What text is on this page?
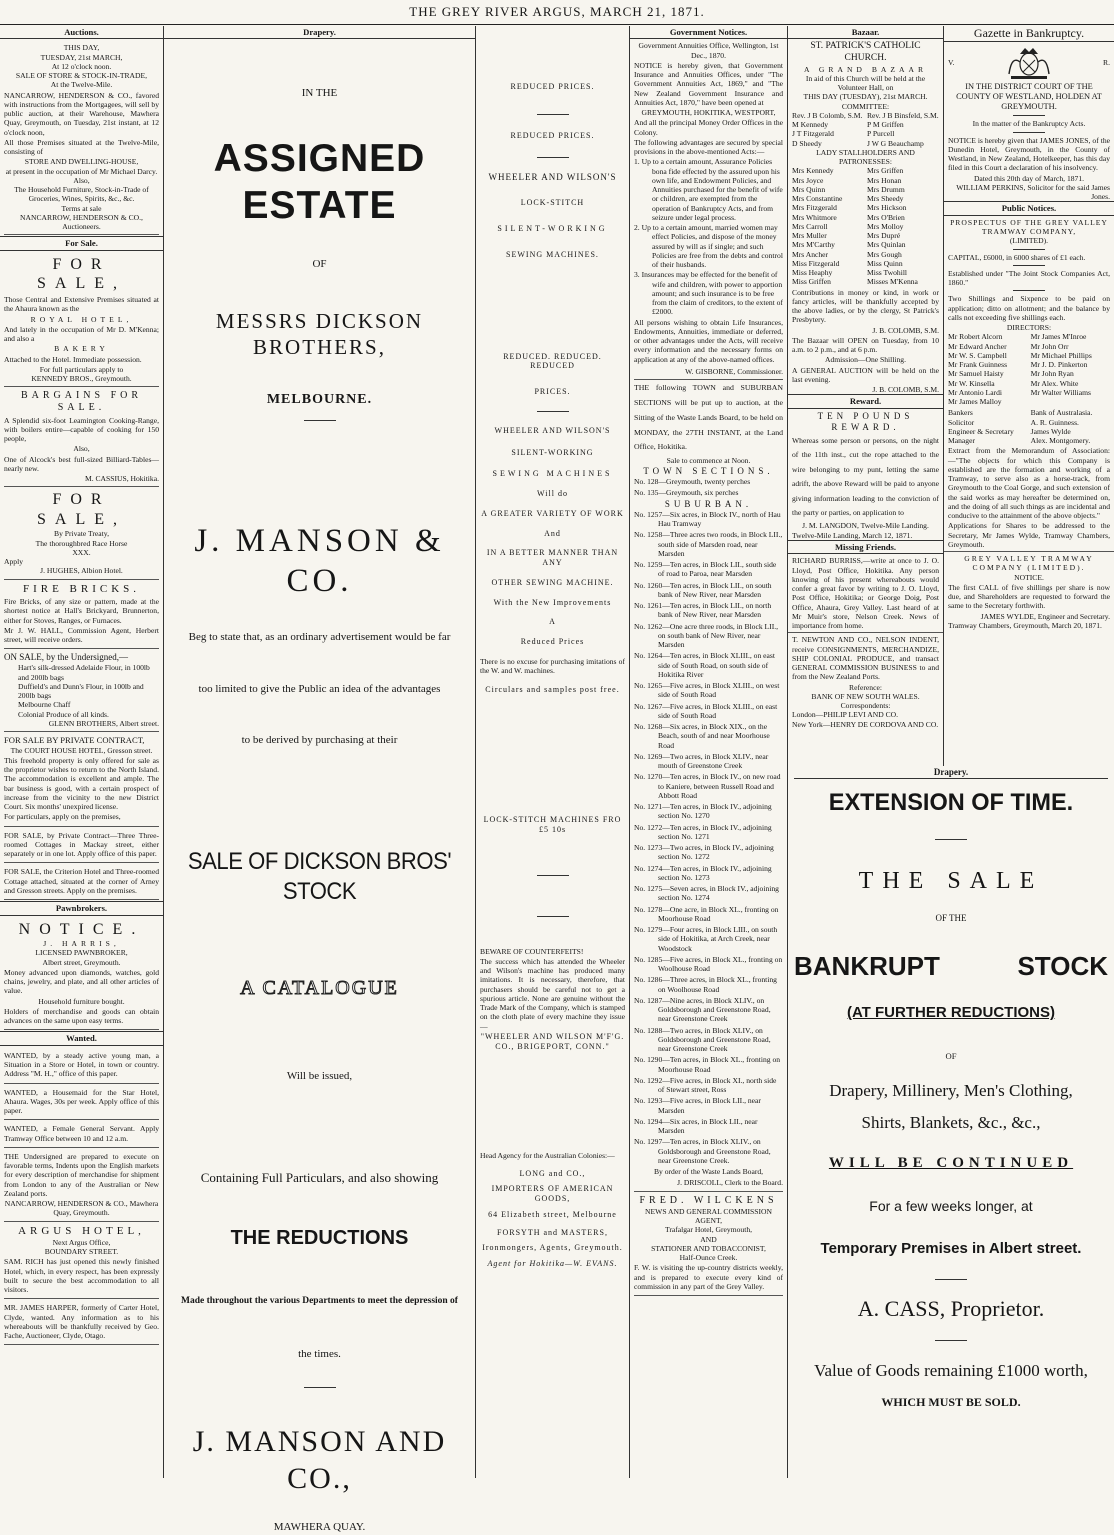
THE GREY RIVER ARGUS, MARCH 21, 1871.
Auctions.
THIS DAY,
TUESDAY, 21st MARCH,
At 12 o'clock noon.
SALE OF STORE & STOCK-IN-TRADE,
At the Twelve-Mile.

NANCARROW, HENDERSON & CO., favored with instructions from the Mortgagees, will sell by public auction, at their Warehouse, Mawhera Quay, Greymouth, on Tuesday, 21st instant, at 12 o'clock noon,

All those Premises situated at the Twelve-Mile, consisting of

STORE AND DWELLING-HOUSE,
at present in the occupation of Mr Michael Darcy.
Also,
The Household Furniture, Stock-in-Trade of Groceries, Wines, Spirits, &c., &c.
Terms at sale
NANCARROW, HENDERSON & CO., Auctioneers.
For Sale.
FOR SALE,

Those Central and Extensive Premises situated at the Ahaura known as the

ROYAL HOTEL,

And lately in the occupation of Mr D. M'Kenna; and also a

BAKERY

Attached to the Hotel. Immediate possession.

For full particulars apply to
KENNEDY BROS., Greymouth.
BARGAINS FOR SALE.

A Splendid six-foot Leamington Cooking-Range, with boilers entire—capable of cooking for 150 people,

Also,

One of Alcock's best full-sized Billiard-Tables—nearly new.

M. CASSIUS, Hokitika.
FOR SALE,
By Private Treaty,
The thoroughbred Race Horse
XXX.
Apply
J. HUGHES, Albion Hotel.
FIRE BRICKS.

Fire Bricks, of any size or pattern, made at the shortest notice at Hall's Brickyard, Brunnerton, either for Stoves, Ranges, or Furnaces.

Mr J. W. HALL, Commission Agent, Herbert street, will receive orders.

ON SALE, by the Undersigned,—
Hart's silk-dressed Adelaide Flour, in 100lb and 200lb bags
Duffield's and Dunn's Flour, in 100lb and 200lb bags
Melbourne Chaff
Colonial Produce of all kinds.
GLENN BROTHERS, Albert street.
FOR SALE BY PRIVATE CONTRACT,
The COURT HOUSE HOTEL, Gresson street.

This freehold property is only offered for sale as the proprietor wishes to return to the North Island. The accommodation is excellent and ample. The bar business is good, with a certain prospect of increase from the vicinity to the new District Court. Six months' unexpired license.

For particulars, apply on the premises,

FOR SALE, by Private Contract—Three Three-roomed Cottages in Mackay street, either separately or in one lot. Apply office of this paper.

FOR SALE, the Criterion Hotel and Three-roomed Cottage attached, situated at the corner of Arney and Gresson streets. Apply on the premises.

Pawnbrokers.
NOTICE.
J. HARRIS,
LICENSED PAWNBROKER,
Albert street, Greymouth.

Money advanced upon diamonds, watches, gold chains, jewelry, and plate, and all other articles of value.

Household furniture bought.

Holders of merchandise and goods can obtain advances on the same upon easy terms.

Wanted.

WANTED, by a steady active young man, a Situation in a Store or Hotel, in town or country. Address "M. H.," office of this paper.

WANTED, a Housemaid for the Star Hotel, Ahaura. Wages, 30s per week. Apply office of this paper.

WANTED, a Female General Servant. Apply Tramway Office between 10 and 12 a.m.

THE Undersigned are prepared to execute on favorable terms, Indents upon the English markets for every description of merchandise for shipment from London to any of the Australian or New Zealand ports.

NANCARROW, HENDERSON & CO., Mawhera Quay, Greymouth.
ARGUS HOTEL,
Next Argus Office,
BOUNDARY STREET.

SAM. RICH has just opened this newly finished Hotel, which, in every respect, has been expressly built to secure the best accommodation to all visitors.

MR. JAMES HARPER, formerly of Carter Hotel, Clyde, wanted. Any information as to his whereabouts will be thankfully received by Geo. Fache, Auctioneer, Clyde, Otago.

Drapery.
IN THE
ASSIGNED ESTATE
OF
MESSRS DICKSON BROTHERS,
MELBOURNE.
J. MANSON & CO.
Beg to state that, as an ordinary advertisement would be far
too limited to give the Public an idea of the advantages
to be derived by purchasing at their
SALE OF DICKSON BROS' STOCK
A CATALOGUE
Will be issued,
Containing Full Particulars, and also showing
THE REDUCTIONS
Made throughout the various Departments to meet the depression of
the times.
J. MANSON AND CO.,
MAWHERA QUAY.
REDUCED PRICES.
REDUCED PRICES.
WHEELER AND WILSON'S
LOCK-STITCH
SILENT-WORKING
SEWING MACHINES.
REDUCED. REDUCED. REDUCED
PRICES.
WHEELER AND WILSON'S
SILENT-WORKING
SEWING MACHINES
Will do
A GREATER VARIETY OF WORK
And
IN A BETTER MANNER THAN ANY
OTHER SEWING MACHINE.
With the New Improvements
A
Reduced Prices

There is no excuse for purchasing imitations of the W. and W. machines.

Circulars and samples post free.
LOCK-STITCH MACHINES FRO £5 10s
BEWARE OF COUNTERFEITS!

The success which has attended the Wheeler and Wilson's machine has produced many imitations. It is necessary, therefore, that purchasers should be careful not to get a spurious article. None are genuine without the Trade Mark of the Company, which is stamped on the cloth plate of every machine they issue—

"WHEELER AND WILSON M'F'G. CO., BRIGEPORT, CONN."
Head Agency for the Australian Colonies:—
LONG and CO.,
IMPORTERS OF AMERICAN GOODS,
64 Elizabeth street, Melbourne
FORSYTH and MASTERS,
Ironmongers, Agents, Greymouth.
Agent for Hokitika—W. EVANS.
Government Notices.
Government Annuities Office, Wellington, 1st Dec., 1870.

NOTICE is hereby given, that Government Insurance and Annuities Offices, under "The Government Annuities Act, 1869," and "The New Zealand Government Insurance and Annuities Act, 1870," have been opened at

GREYMOUTH, HOKITIKA, WESTPORT,

And all the principal Money Order Offices in the Colony.

The following advantages are secured by special provisions in the above-mentioned Acts:—

1. Up to a certain amount, Assurance Policies bona fide effected by the assured upon his own life, and Endowment Policies, and Annuities purchased for the benefit of wife or children, are exempted from the operation of Bankruptcy Acts, and from seizure under legal process.
2. Up to a certain amount, married women may effect Policies, and dispose of the money assured by will as if single; and such Policies are free from the debts and control of their husbands.
3. Insurances may be effected for the benefit of wife and children, with power to apportion amount; and such insurance is to be free from the claim of creditors, to the extent of £2000.

All persons wishing to obtain Life Insurances, Endowments, Annuities, immediate or deferred, or other advantages under the Acts, will receive every information and the necessary forms on application at any of the above-named offices.

W. GISBORNE, Commissioner.

THE following TOWN and SUBURBAN SECTIONS will be put up to auction, at the Sitting of the Waste Lands Board, to be held on MONDAY, the 27TH INSTANT, at the Land Office, Hokitika.

Sale to commence at Noon.
TOWN SECTIONS.
No. 128—Greymouth, twenty perches
No. 135—Greymouth, six perches
SUBURBAN.
No. 1257—Six acres, in Block IV., north of Hau Hau Tramway
No. 1258—Three acres two roods, in Block LII., south side of Marsden road, near Marsden
No. 1259—Ten acres, in Block LII., south side of road to Paroa, near Marsden
No. 1260—Ten acres, in Block LII., on south bank of New River, near Marsden
No. 1261—Ten acres, in Block LII., on north bank of New River, near Marsden
No. 1262—One acre three roods, in Block LII., on south bank of New River, near Marsden
No. 1264—Ten acres, in Block XLIII., on east side of South Road, on south side of Hokitika River
No. 1265—Five acres, in Block XLIII., on west side of South Road
No. 1267—Five acres, in Block XLIII., on east side of South Road
No. 1268—Six acres, in Block XIX., on the Beach, south of and near Moorhouse Road
No. 1269—Two acres, in Block XLIV., near mouth of Greenstone Creek
No. 1270—Ten acres, in Block IV., on new road to Kaniere, between Russell Road and Abbott Road
No. 1271—Ten acres, in Block IV., adjoining section No. 1270
No. 1272—Ten acres, in Block IV., adjoining section No. 1271
No. 1273—Two acres, in Block IV., adjoining section No. 1272
No. 1274—Ten acres, in Block IV., adjoining section No. 1273
No. 1275—Seven acres, in Block IV., adjoining section No. 1274
No. 1278—One acre, in Block XL., fronting on Moorhouse Road
No. 1279—Four acres, in Block LIII., on south side of Hokitika, at Arch Creek, near Woodstock
No. 1285—Five acres, in Block XL., fronting on Woolhouse Road
No. 1286—Three acres, in Block XL., fronting on Woolhouse Road
No. 1287—Nine acres, in Block XLIV., on Goldsborough and Greenstone Road, near Greenstone Creek
No. 1288—Two acres, in Block XLIV., on Goldsborough and Greenstone Road, near Greenstone Creek
No. 1290—Ten acres, in Block XL., fronting on Moorhouse Road
No. 1292—Five acres, in Block XI., north side of Stewart street, Ross
No. 1293—Five acres, in Block LII., near Marsden
No. 1294—Six acres, in Block LII., near Marsden
No. 1297—Ten acres, in Block XLIV., on Goldsborough and Greenstone Road, near Greenstone Creek.
By order of the Waste Lands Board,
J. DRISCOLL, Clerk to the Board.
FRED. WILCKENS
NEWS AND GENERAL COMMISSION AGENT,
Trafalgar Hotel, Greymouth,
AND
STATIONER AND TOBACCONIST,
Half-Ounce Creek.

F. W. is visiting the up-country districts weekly, and is prepared to execute every kind of commission in any part of the Grey Valley.

Bazaar.
ST. PATRICK'S CATHOLIC CHURCH.
A GRAND BAZAAR
In aid of this Church will be held at the Volunteer Hall, on
THIS DAY (TUESDAY), 21st MARCH.
COMMITTEE:
Rev. J B Colomb, S.M. Rev. J B Binsfeld, S.M.
M Kennedy	P M Griffen
J T Fitzgerald	P Purcell
D Sheedy	J W G Beauchamp
LADY STALLHOLDERS AND PATRONESSES:
Mrs Kennedy	Mrs Griffen
Mrs Joyce	Mrs Honan
Mrs Quinn	Mrs Drumm
Mrs Constantine	Mrs Sheedy
Mrs Fitzgerald	Mrs Hickson
Mrs Whitmore	Mrs O'Brien
Mrs Carroll	Mrs Molloy
Mrs Muller	Mrs Dupré
Mrs M'Carthy	Mrs Quinlan
Mrs Ancher	Mrs Gough
Miss Fitzgerald	Miss Quinn
Miss Heaphy	Miss Twohill
Miss Griffen	Misses M'Kenna

Contributions in money or kind, in work or fancy articles, will be thankfully accepted by the above ladies, or by the clergy, St Patrick's Presbytery.

J. B. COLOMB, S.M.

The Bazaar will OPEN on Tuesday, from 10 a.m. to 2 p.m., and at 6 p.m.

Admission—One Shilling.

A GENERAL AUCTION will be held on the last evening.

J. B. COLOMB, S.M.
Reward.
TEN POUNDS REWARD.

Whereas some person or persons, on the night of the 11th inst., cut the rope attached to the wire belonging to my punt, letting the same adrift, the above Reward will be paid to anyone giving information leading to the conviction of the party or parties, on application to

J. M. LANGDON, Twelve-Mile Landing.
Twelve-Mile Landing, March 12, 1871.
Missing Friends.

RICHARD BURRISS,—write at once to J. O. Lloyd, Post Office, Hokitika. Any person knowing of his present whereabouts would confer a great favor by writing to J. O. Lloyd, Post Office, Hokitika; or George Doig, Post Office, Ahaura, Grey Valley. Last heard of at Mr Muir's store, Nelson Creek. News of importance from home.

T. NEWTON AND CO., NELSON INDENT, receive CONSIGNMENTS, MERCHANDIZE, SHIP COLONIAL PRODUCE, and transact GENERAL COMMISSION BUSINESS to and from the New Zealand Ports.

Reference:
BANK OF NEW SOUTH WALES.
Correspondents:
London—PHILIP LEVI AND CO.
New York—HENRY DE CORDOVA AND CO.
Gazette in Bankruptcy.
V.	R.
IN THE DISTRICT COURT OF THE COUNTY OF WESTLAND, HOLDEN AT GREYMOUTH.
In the matter of the Bankruptcy Acts.

NOTICE is hereby given that JAMES JONES, of the Dunedin Hotel, Greymouth, in the County of Westland, in New Zealand, Hotelkeeper, has this day filed in this Court a declaration of his insolvency.

Dated this 20th day of March, 1871.
WILLIAM PERKINS, Solicitor for the said James Jones.
Public Notices.
PROSPECTUS OF THE GREY VALLEY TRAMWAY COMPANY,
(LIMITED).
CAPITAL, £6000, in 6000 shares of £1 each.

Established under "The Joint Stock Companies Act, 1860."

Two Shillings and Sixpence to be paid on application; ditto on allotment; and the balance by calls not exceeding five shillings each.

DIRECTORS:
Mr Robert Alcorn	Mr James M'Inroe
Mr Edward Ancher	Mr John Orr
Mr W. S. Campbell	Mr Michael Phillips
Mr Frank Guinness	Mr J. D. Pinkerton
Mr Samuel Haisty	Mr John Ryan
Mr W. Kinsella	Mr Alex. White
Mr Antonio Lardi	Mr Walter Williams
Mr James Malloy
Bankers	Bank of Australasia.
Solicitor	A. R. Guinness.
Engineer & Secretary	James Wylde
Manager	Alex. Montgomery.

Extract from the Memorandum of Association:—"The objects for which this Company is established are the formation and working of a Tramway, to serve also as a horse-track, from Greymouth to the Coal Gorge, and such extension of the said works as may hereafter be determined on, and the doing of all such things as are incidental and conducive to the attainment of the above objects."

Applications for Shares to be addressed to the Secretary, Mr James Wylde, Tramway Chambers, Greymouth.

GREY VALLEY TRAMWAY COMPANY (LIMITED).
NOTICE.

The first CALL of five shillings per share is now due, and Shareholders are requested to forward the same to the Secretary forthwith.

JAMES WYLDE, Engineer and Secretary.
Tramway Chambers, Greymouth, March 20, 1871.
Drapery.
EXTENSION OF TIME.
THE SALE
OF THE
BANKRUPT	STOCK
(AT FURTHER REDUCTIONS)
OF
Drapery, Millinery, Men's Clothing,
Shirts, Blankets, &c., &c.,
WILL BE CONTINUED
For a few weeks longer, at
Temporary Premises in Albert street.
A. CASS, Proprietor.
Value of Goods remaining £1000 worth,
WHICH MUST BE SOLD.
